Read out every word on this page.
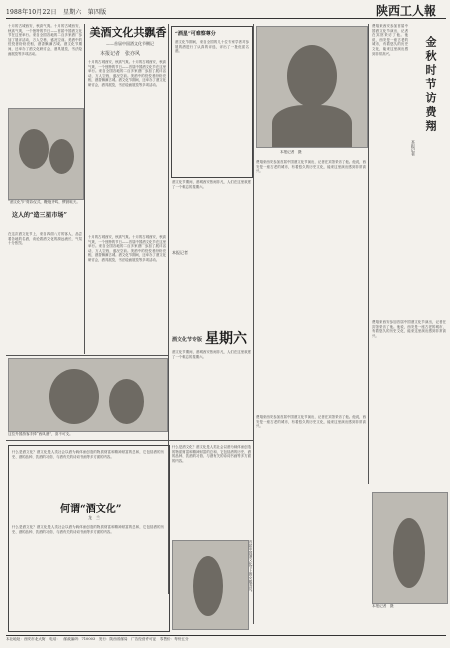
1988年10月22日　星期六　第四版	陕西工人報
十月的古城西安，秋高气爽。十月的古城西安，秋高气爽，一个独特的节日——首届中国酒文化节在这里举行。来自全国各地的二百多家酒厂参加了展评活动，万人空巷，盛况空前。美酒中的佼佼者纷纷亮相，酒香飘满古城。酒文化节期间，还举办了酒文化研讨会，酒具展览，书法绘画展览等多项活动。
美酒文化共飘香
——首届中国酒文化节侧记
本报记者　张亦风
十月的古城西安，秋高气爽。十月的古城西安，秋高气爽，一个独特的节日——首届中国酒文化节在这里举行。来自全国各地的二百多家酒厂参加了展评活动，万人空巷，盛况空前。美酒中的佼佼者纷纷亮相，酒香飘满古城。酒文化节期间，还举办了酒文化研讨会，酒具展览，书法绘画展览等多项活动。
“酒文化节”剪彩仪式，鞭炮齐鸣，锣鼓喧天。
这人的“造三星市场”
在这次酒文化节上，来自四面八方的客人，品尝着各地的名酒，谈论着酒文化的源远流长，气氛十分热烈。
“酒星”可难察尊分
酒文化节期间，来自全国的几十位专家学者对参展的酒进行了认真的评选，评出了一批优质名酒。
十月的古城西安，秋高气爽。十月的古城西安，秋高气爽，一个独特的节日——首届中国酒文化节在这里举行。来自全国各地的二百多家酒厂参加了展评活动，万人空巷，盛况空前。美酒中的佼佼者纷纷亮相，酒香飘满古城。酒文化节期间，还举办了酒文化研讨会，酒具展览，书法绘画展览等多项活动。
本报记者
酒文化节专版 星期六
酒文化节期间，酒城西安热闹非凡，人们在这里欢度了一个难忘的星期六。
酒文化节期间，酒城西安热闹非凡，人们在这里欢度了一个难忘的星期六。
这位外国游客手捧“西凤酒”，喜不可支。
何谓“酒文化”
龙　兰
什么是酒文化？酒文化是人类社会以酒为载体而创造的物质财富和精神财富的总和，它包括酒的历史、酒的品种、饮酒的习俗、与酒有关的诗词书画等多方面的内容。
什么是酒文化？酒文化是人类社会以酒为载体而创造的物质财富和精神财富的总和，它包括酒的历史、酒的品种、饮酒的习俗、与酒有关的诗词书画等多方面的内容。
什么是酒文化？酒文化是人类社会以酒为载体而创造的物质财富和精神财富的总和，它包括酒的历史、酒的品种、饮酒的习俗、与酒有关的诗词书画等多方面的内容。
首届中国酒文化节上的女服务员。
本报记者　摄
费翔来西安参加首届中国酒文化节演出，记者在宾馆采访了他。他说，西安是一座古老的城市，有着悠久的历史文化，能来这里演出感到非常高兴。
费翔来西安参加首届中国酒文化节演出，记者在宾馆采访了他。他说，西安是一座古老的城市，有着悠久的历史文化，能来这里演出感到非常高兴。
金秋时节访费翔
本报记者
费翔来西安参加首届中国酒文化节演出，记者在宾馆采访了他。他说，西安是一座古老的城市，有着悠久的历史文化，能来这里演出感到非常高兴。
费翔来西安参加首届中国酒文化节演出，记者在宾馆采访了他。他说，西安是一座古老的城市，有着悠久的历史文化，能来这里演出感到非常高兴。
本报记者　摄
本社地址：西安市北大街　电话：　邮政编码：710003　发行：陕西省邮局　广告经营许可证　零售价：每份五分
